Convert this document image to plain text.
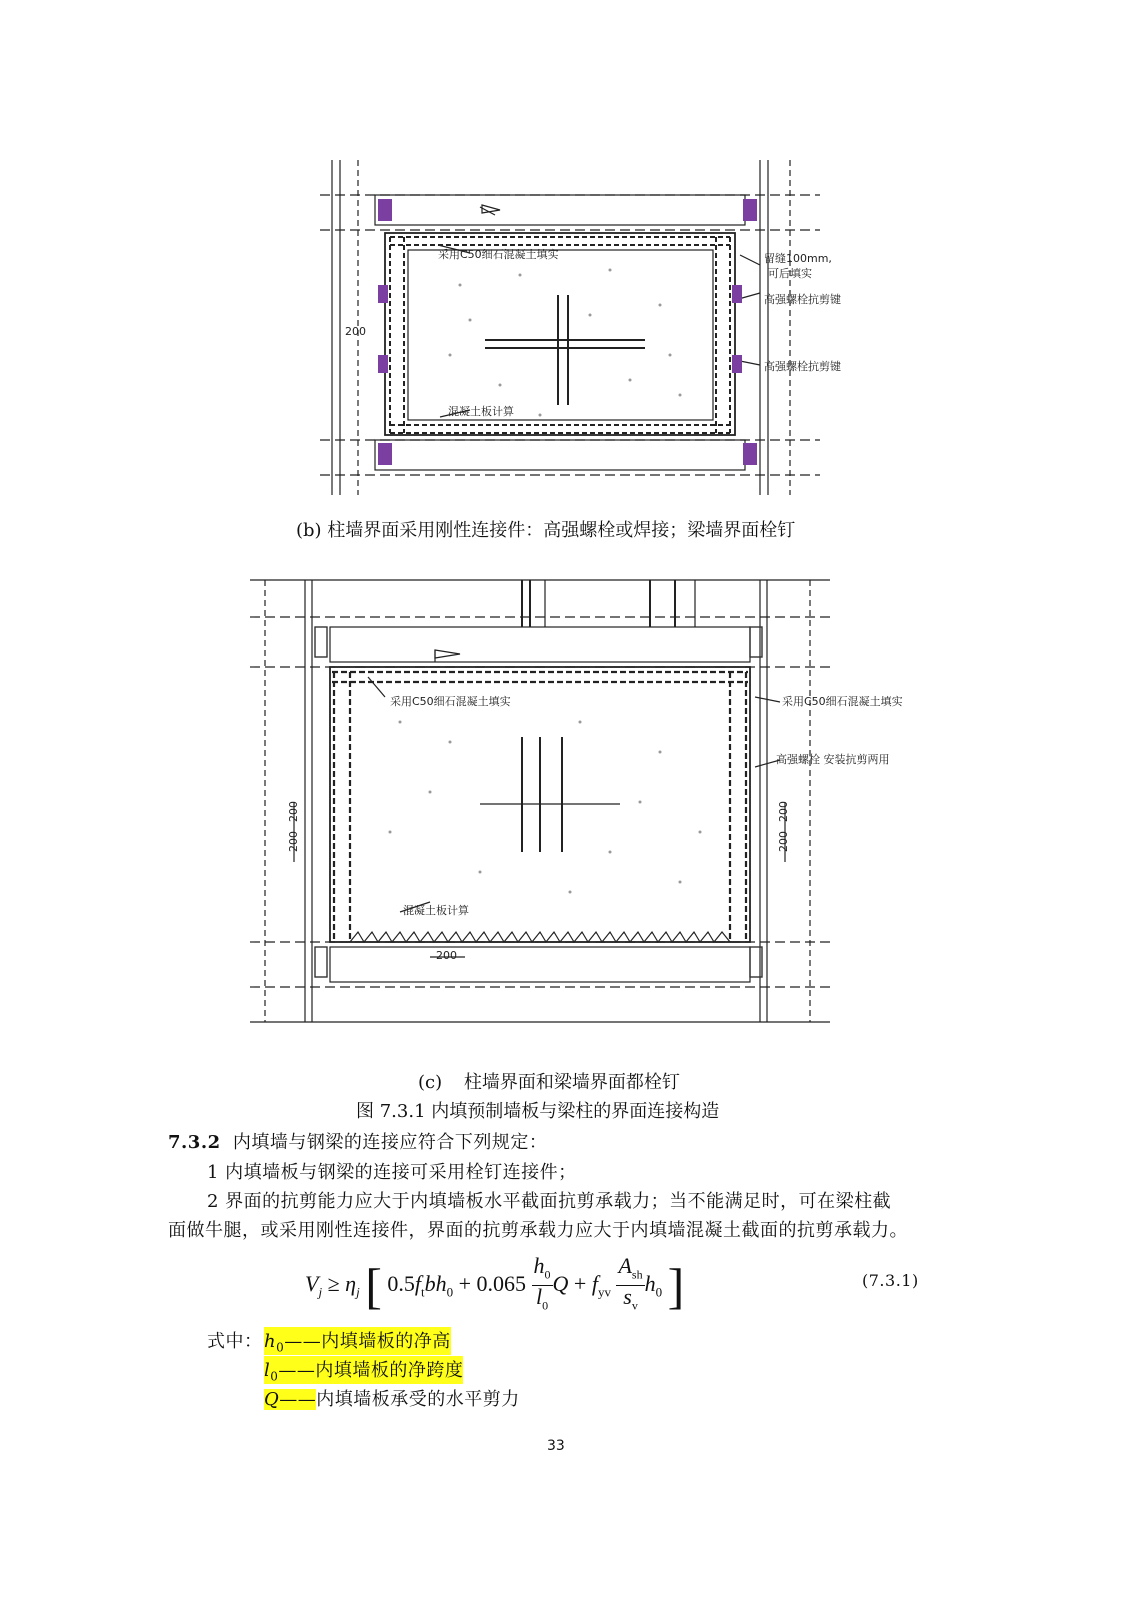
采用C50细石混凝土填实	留缝100mm,
可后填实
高强螺栓抗剪键
高强螺栓抗剪键
混凝土板计算
200
(b) 柱墙界面采用刚性连接件：高强螺栓或焊接；梁墙界面栓钉
采用C50细石混凝土填实	采用C50细石混凝土填实
高强螺栓 安装抗剪两用
混凝土板计算
200
200
200
200
200
(c) 柱墙界面和梁墙界面都栓钉
图 7.3.1 内填预制墙板与梁柱的界面连接构造
7.3.2 内填墙与钢梁的连接应符合下列规定：
1 内填墙板与钢梁的连接可采用栓钉连接件；
2 界面的抗剪能力应大于内填墙板水平截面抗剪承载力；当不能满足时，可在梁柱截
面做牛腿，或采用刚性连接件，界面的抗剪承载力应大于内填墙混凝土截面的抗剪承载力。
$V_j \ge \eta_j$ [ $0.5f_tbh_0 + 0.065 \frac{h_0}{l_0}$ $Q + f_{yv} \frac{A_{sh}}{s_v} h_0$ ]	(7.3.1)
式中： $h_0——$内填墙板的净高
$l_0——$内填墙板的净跨度
Q——内填墙板承受的水平剪力
33
